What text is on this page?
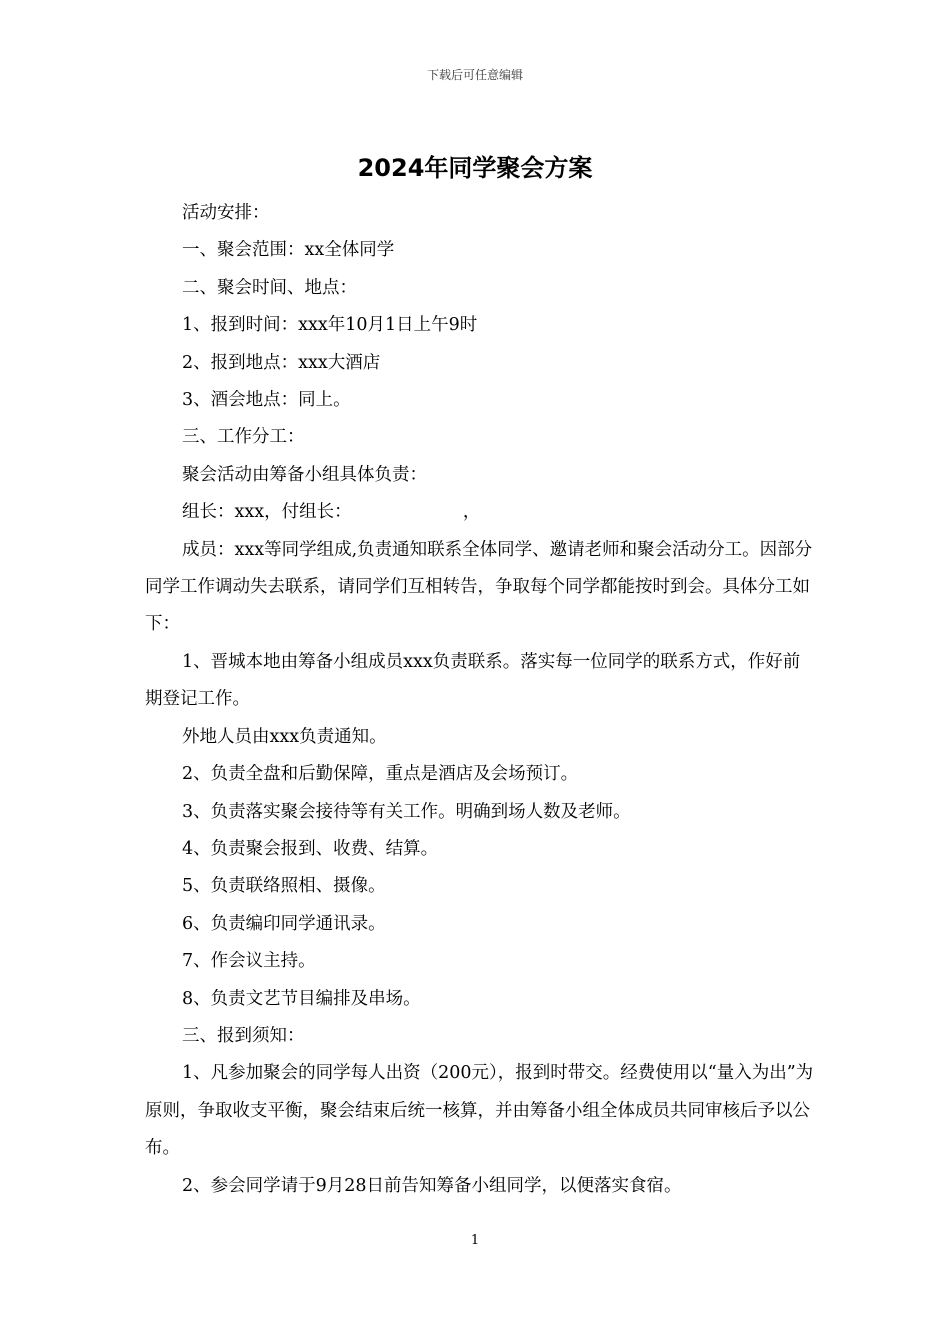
下载后可任意编辑
2024年同学聚会方案

活动安排：

一、聚会范围：xx全体同学

二、聚会时间、地点：

1、报到时间：xxx年10月1日上午9时

2、报到地点：xxx大酒店

3、酒会地点：同上。

三、工作分工：

聚会活动由筹备小组具体负责：

组长：xxx，付组长：                    ，

成员：xxx等同学组成,负责通知联系全体同学、邀请老师和聚会活动分工。因部分同学工作调动失去联系，请同学们互相转告，争取每个同学都能按时到会。具体分工如下：

1、晋城本地由筹备小组成员xxx负责联系。落实每一位同学的联系方式，作好前期登记工作。

外地人员由xxx负责通知。

2、负责全盘和后勤保障，重点是酒店及会场预订。

3、负责落实聚会接待等有关工作。明确到场人数及老师。

4、负责聚会报到、收费、结算。

5、负责联络照相、摄像。

6、负责编印同学通讯录。

7、作会议主持。

8、负责文艺节目编排及串场。

三、报到须知：

1、凡参加聚会的同学每人出资（200元），报到时带交。经费使用以“量入为出”为原则，争取收支平衡，聚会结束后统一核算，并由筹备小组全体成员共同审核后予以公布。

2、参会同学请于9月28日前告知筹备小组同学，以便落实食宿。

1
